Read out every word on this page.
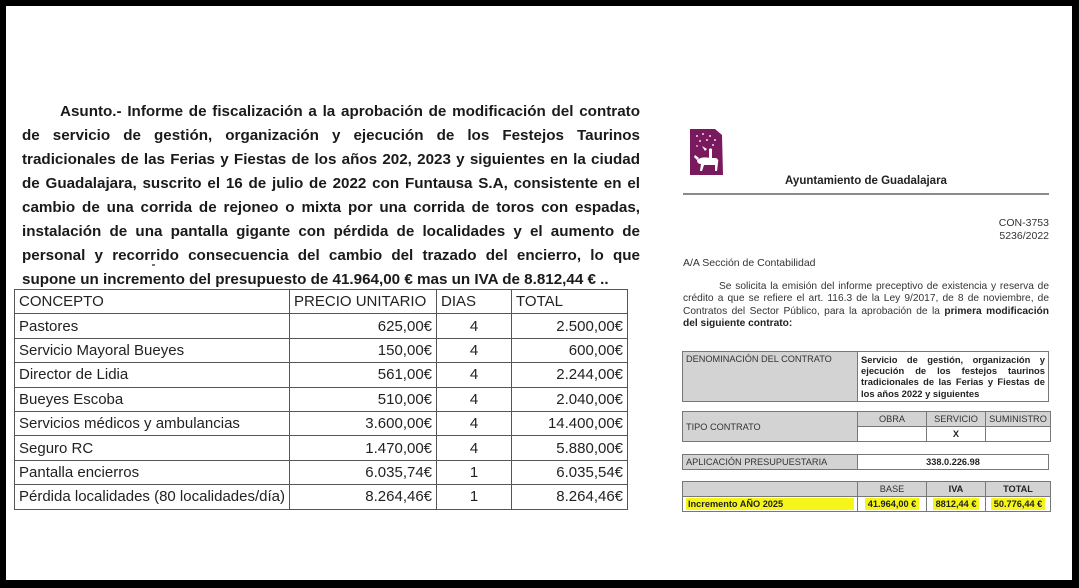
Asunto.- Informe de fiscalización a la aprobación de modificación del contrato de servicio de gestión, organización y ejecución de los Festejos Taurinos tradicionales de las Ferias y Fiestas de los años 202, 2023 y siguientes en la ciudad de Guadalajara, suscrito el 16 de julio de 2022 con Funtausa S.A, consistente en el cambio de una corrida de rejoneo o mixta por una corrida de toros con espadas, instalación de una pantalla gigante con pérdida de localidades y el aumento de personal y recorrido consecuencia del cambio del trazado del encierro, lo que supone un incremento del presupuesto de 41.964,00 € mas un IVA de 8.812,44 € ..
CONCEPTO	PRECIO UNITARIO	DIAS	TOTAL
Pastores	625,00€	4	2.500,00€
Servicio Mayoral Bueyes	150,00€	4	600,00€
Director de Lidia	561,00€	4	2.244,00€
Bueyes Escoba	510,00€	4	2.040,00€
Servicios médicos y ambulancias	3.600,00€	4	14.400,00€
Seguro RC	1.470,00€	4	5.880,00€
Pantalla encierros	6.035,74€	1	6.035,54€
Pérdida localidades (80 localidades/día)	8.264,46€	1	8.264,46€
Ayuntamiento de Guadalajara
CON-3753
5236/2022
A/A Sección de Contabilidad
Se solicita la emisión del informe preceptivo de existencia y reserva de crédito a que se refiere el art. 116.3 de la Ley 9/2017, de 8 de noviembre, de Contratos del Sector Público, para la aprobación de la primera modificación del siguiente contrato:
DENOMINACIÓN DEL CONTRATO	Servicio de gestión, organización y ejecución de los festejos taurinos tradicionales de las Ferias y Fiestas de los años 2022 y siguientes
TIPO CONTRATO	OBRA	SERVICIO	SUMINISTRO
		X	
APLICACIÓN PRESUPUESTARIA	338.0.226.98
	BASE	IVA	TOTAL

Incremento AÑO 2025	41.964,00 €	8812,44 €	50.776,44 €
